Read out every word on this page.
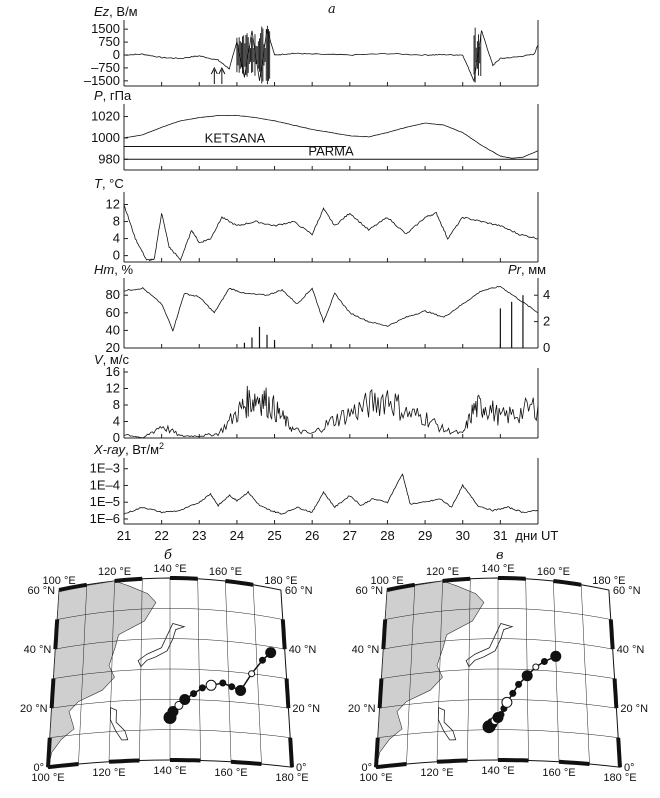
а
Ez, В/м
1500
750
0
–750
–1500
P, гПа
1020
1000
980
KETSANA
PARMA
T, °С
12
8
4
0
Hm, %
80
60
40
20
4
2
0
Pr, мм
V, м/с
16
12
8
4
0
X-ray, $Вт/м^2$
1E–3
1E–4
1E–5
1E–6
21 22 23 24 25 26 27 28 29 30 31 дни UT
60 °N
40 °N
20 °N
0°
60 °N
40 °N
20 °N
0°
100 °E
120 °E 140 °E 160 °E
180 °E
100 °E	120 °E	140 °E	160 °E	180 °E
60 °N
40 °N
20 °N
0°
60 °N
40 °N
20 °N
0°
100 °E
120 °E 140 °E 160 °E
180 °E
100 °E	120 °E	140 °E	160 °E	180 °E
б	в
